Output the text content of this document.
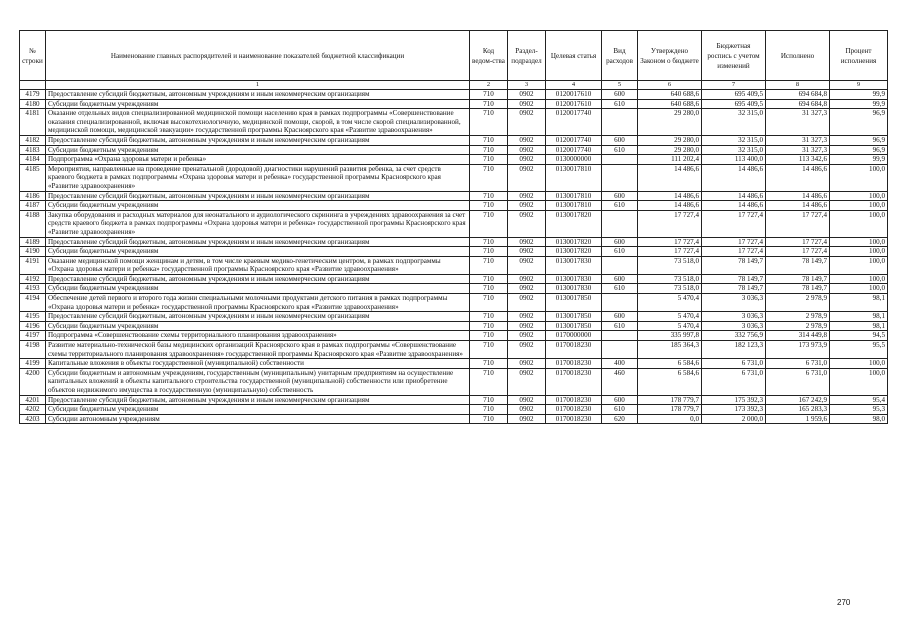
№ строки	Наименование главных распорядителей и наименование показателей бюджетной классификации	Код ведом-ства	Раздел-подраздел	Целевая статья	Вид расходов	Утверждено Законом о бюджете	Бюджетная роспись с учетом изменений	Исполнено	Процент исполнения
	1	2	3	4	5	6	7	8	9
4179	Предоставление субсидий бюджетным, автономным учреждениям и иным некоммерческим организациям	710	0902	0120017610	600	640 688,6	695 409,5	694 684,8	99,9
4180	Субсидии бюджетным учреждениям	710	0902	0120017610	610	640 688,6	695 409,5	694 684,8	99,9
4181	Оказание отдельных видов специализированной медицинской помощи населению края в рамках подпрограммы «Совершенствование оказания специализированной, включая высокотехнологичную, медицинской помощи, скорой, в том числе скорой специализированной, медицинской помощи, медицинской эвакуации» государственной программы Красноярского края «Развитие здравоохранения»	710	0902	0120017740		29 280,0	32 315,0	31 327,3	96,9
4182	Предоставление субсидий бюджетным, автономным учреждениям и иным некоммерческим организациям	710	0902	0120017740	600	29 280,0	32 315,0	31 327,3	96,9
4183	Субсидии бюджетным учреждениям	710	0902	0120017740	610	29 280,0	32 315,0	31 327,3	96,9
4184	Подпрограмма «Охрана здоровья матери и ребенка»	710	0902	0130000000		111 202,4	113 400,0	113 342,6	99,9
4185	Мероприятия, направленные на проведение пренатальной (дородовой) диагностики нарушений развития ребенка, за счет средств краевого бюджета в рамках подпрограммы «Охрана здоровья матери и ребенка» государственной программы Красноярского края «Развитие здравоохранения»	710	0902	0130017810		14 486,6	14 486,6	14 486,6	100,0
4186	Предоставление субсидий бюджетным, автономным учреждениям и иным некоммерческим организациям	710	0902	0130017810	600	14 486,6	14 486,6	14 486,6	100,0
4187	Субсидии бюджетным учреждениям	710	0902	0130017810	610	14 486,6	14 486,6	14 486,6	100,0
4188	Закупка оборудования и расходных материалов для неонатального и аудиологического скрининга в учреждениях здравоохранения за счет средств краевого бюджета в рамках подпрограммы «Охрана здоровья матери и ребенка» государственной программы Красноярского края «Развитие здравоохранения»	710	0902	0130017820		17 727,4	17 727,4	17 727,4	100,0
4189	Предоставление субсидий бюджетным, автономным учреждениям и иным некоммерческим организациям	710	0902	0130017820	600	17 727,4	17 727,4	17 727,4	100,0
4190	Субсидии бюджетным учреждениям	710	0902	0130017820	610	17 727,4	17 727,4	17 727,4	100,0
4191	Оказание медицинской помощи женщинам и детям, в том числе краевым медико-генетическим центром, в рамках подпрограммы «Охрана здоровья матери и ребенка» государственной программы Красноярского края «Развитие здравоохранения»	710	0902	0130017830		73 518,0	78 149,7	78 149,7	100,0
4192	Предоставление субсидий бюджетным, автономным учреждениям и иным некоммерческим организациям	710	0902	0130017830	600	73 518,0	78 149,7	78 149,7	100,0
4193	Субсидии бюджетным учреждениям	710	0902	0130017830	610	73 518,0	78 149,7	78 149,7	100,0
4194	Обеспечение детей первого и второго года жизни специальными молочными продуктами детского питания в рамках подпрограммы «Охрана здоровья матери и ребенка» государственной программы Красноярского края «Развитие здравоохранения»	710	0902	0130017850		5 470,4	3 036,3	2 978,9	98,1
4195	Предоставление субсидий бюджетным, автономным учреждениям и иным некоммерческим организациям	710	0902	0130017850	600	5 470,4	3 036,3	2 978,9	98,1
4196	Субсидии бюджетным учреждениям	710	0902	0130017850	610	5 470,4	3 036,3	2 978,9	98,1
4197	Подпрограмма «Совершенствование схемы территориального планирования здравоохранения»	710	0902	0170000000		335 997,8	332 756,9	314 449,8	94,5
4198	Развитие материально-технической базы медицинских организаций Красноярского края в рамках подпрограммы «Совершенствование схемы территориального планирования здравоохранения» государственной программы Красноярского края «Развитие здравоохранения»	710	0902	0170018230		185 364,3	182 123,3	173 973,9	95,5
4199	Капитальные вложения в объекты государственной (муниципальной) собственности	710	0902	0170018230	400	6 584,6	6 731,0	6 731,0	100,0
4200	Субсидии бюджетным и автономным учреждениям, государственным (муниципальным) унитарным предприятиям на осуществление капитальных вложений в объекты капитального строительства государственной (муниципальной) собственности или приобретение объектов недвижимого имущества в государственную (муниципальную) собственность	710	0902	0170018230	460	6 584,6	6 731,0	6 731,0	100,0
4201	Предоставление субсидий бюджетным, автономным учреждениям и иным некоммерческим организациям	710	0902	0170018230	600	178 779,7	175 392,3	167 242,9	95,4
4202	Субсидии бюджетным учреждениям	710	0902	0170018230	610	178 779,7	173 392,3	165 283,3	95,3
4203	Субсидии автономным учреждениям	710	0902	0170018230	620	0,0	2 000,0	1 959,6	98,0
270
